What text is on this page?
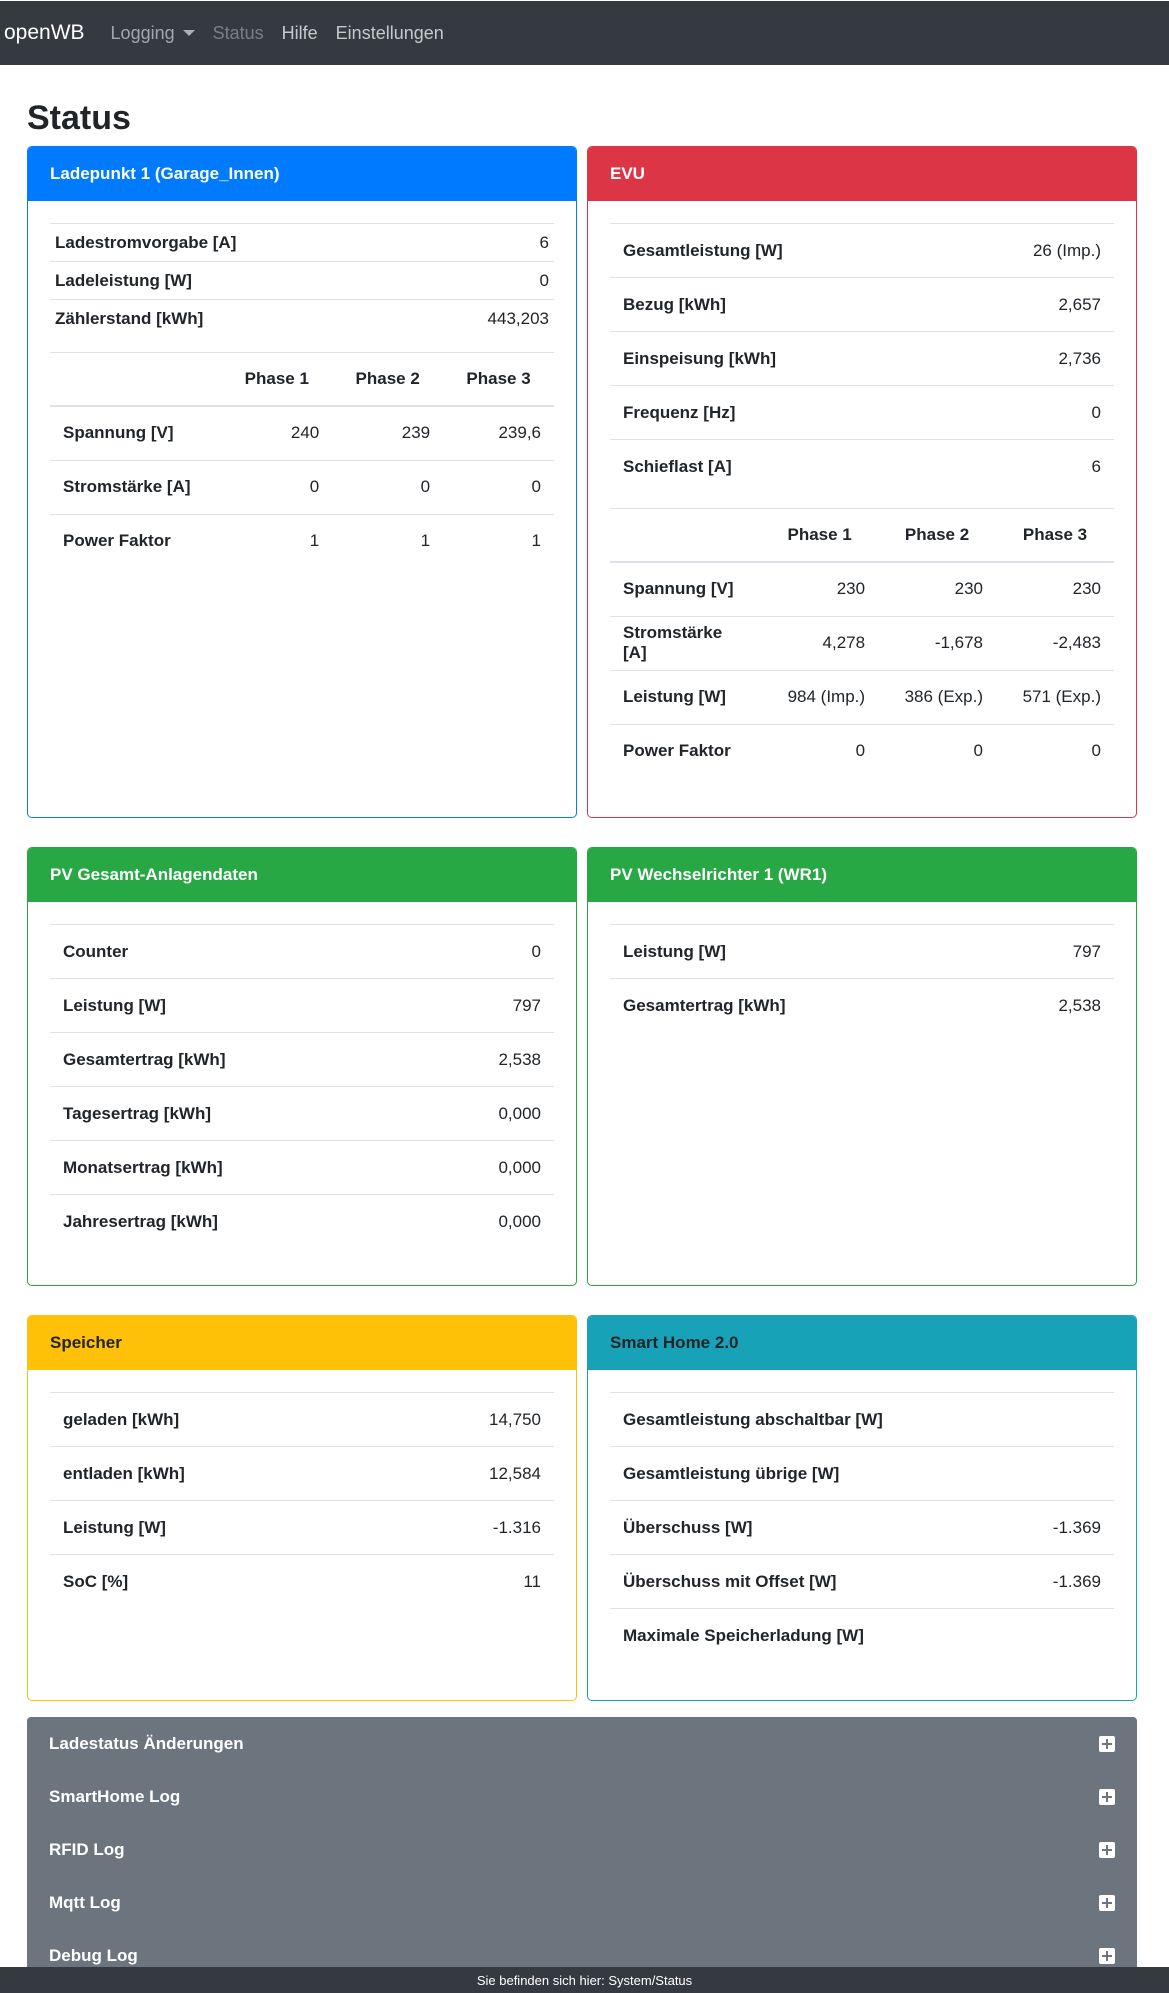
openWB Logging Status Hilfe Einstellungen
Status
Ladepunkt 1 (Garage_Innen)
Ladestromvorgabe [A]	6
Ladeleistung [W]	0
Zählerstand [kWh]	443,203
	Phase 1	Phase 2	Phase 3
Spannung [V]	240	239	239,6
Stromstärke [A]	0	0	0
Power Faktor	1	1	1
EVU
Gesamtleistung [W]	26 (Imp.)
Bezug [kWh]	2,657
Einspeisung [kWh]	2,736
Frequenz [Hz]	0
Schieflast [A]	6
	Phase 1	Phase 2	Phase 3
Spannung [V]	230	230	230
Stromstärke [A]	4,278	-1,678	-2,483
Leistung [W]	984 (Imp.)	386 (Exp.)	571 (Exp.)
Power Faktor	0	0	0
PV Gesamt-Anlagendaten
Counter	0
Leistung [W]	797
Gesamtertrag [kWh]	2,538
Tagesertrag [kWh]	0,000
Monatsertrag [kWh]	0,000
Jahresertrag [kWh]	0,000
PV Wechselrichter 1 (WR1)
Leistung [W]	797
Gesamtertrag [kWh]	2,538
Speicher
geladen [kWh]	14,750
entladen [kWh]	12,584
Leistung [W]	-1.316
SoC [%]	11
Smart Home 2.0
Gesamtleistung abschaltbar [W]	
Gesamtleistung übrige [W]	
Überschuss [W]	-1.369
Überschuss mit Offset [W]	-1.369
Maximale Speicherladung [W]	
Ladestatus Änderungen
SmartHome Log
RFID Log
Mqtt Log
Debug Log
Sie befinden sich hier: System/Status
